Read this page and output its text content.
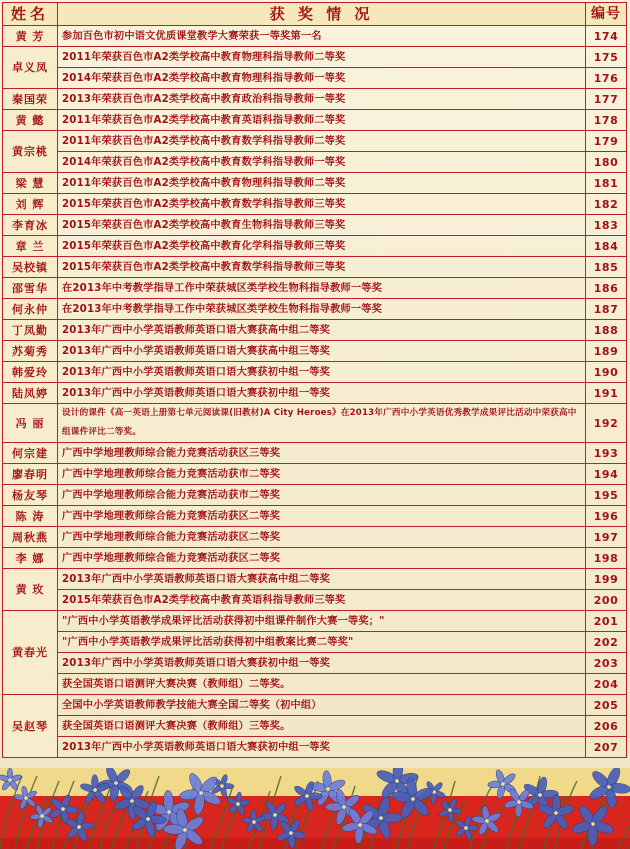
姓名	获 奖 情 况	编号
黄 芳	参加百色市初中语文优质课堂教学大赛荣获一等奖第一名	174
卓义凤	2011年荣获百色市A2类学校高中教育物理科指导教师二等奖	175
	2014年荣获百色市A2类学校高中教育物理科指导教师一等奖	176
秦国荣	2013年荣获百色市A2类学校高中教育政治科指导教师一等奖	177
黄 懿	2011年荣获百色市A2类学校高中教育英语科指导教师二等奖	178
黄宗桃	2011年荣获百色市A2类学校高中教育数学科指导教师二等奖	179
	2014年荣获百色市A2类学校高中教育数学科指导教师一等奖	180
梁 慧	2011年荣获百色市A2类学校高中教育物理科指导教师二等奖	181
刘 辉	2015年荣获百色市A2类学校高中教育数学科指导教师三等奖	182
李育冰	2015年荣获百色市A2类学校高中教育生物科指导教师三等奖	183
章 兰	2015年荣获百色市A2类学校高中教育化学科指导教师三等奖	184
吴校镇	2015年荣获百色市A2类学校高中教育数学科指导教师三等奖	185
邵雪华	在2013年中考教学指导工作中荣获城区类学校生物科指导教师一等奖	186
何永仲	在2013年中考教学指导工作中荣获城区类学校生物科指导教师一等奖	187
丁凤勤	2013年广西中小学英语教师英语口语大赛获高中组二等奖	188
苏菊秀	2013年广西中小学英语教师英语口语大赛获高中组三等奖	189
韩爱玲	2013年广西中小学英语教师英语口语大赛获初中组一等奖	190
陆凤婷	2013年广西中小学英语教师英语口语大赛获初中组一等奖	191
冯 丽	设计的课件《高一英语上册第七单元阅读课(旧教材)A City Heroes》在2013年广西中小学英语优秀教学成果评比活动中荣获高中组课件评比二等奖。	192
何宗建	广西中学地理教师综合能力竞赛活动获区三等奖	193
廖春明	广西中学地理教师综合能力竞赛活动获市二等奖	194
杨友琴	广西中学地理教师综合能力竞赛活动获市二等奖	195
陈 涛	广西中学地理教师综合能力竞赛活动获区二等奖	196
周秋燕	广西中学地理教师综合能力竞赛活动获区二等奖	197
李 娜	广西中学地理教师综合能力竞赛活动获区二等奖	198
黄 玫	2013年广西中小学英语教师英语口语大赛获高中组二等奖	199
	2015年荣获百色市A2类学校高中教育英语科指导教师三等奖	200
黄春光	"广西中小学英语教学成果评比活动获得初中组课件制作大赛一等奖；"	201
	"广西中小学英语教学成果评比活动获得初中组教案比赛二等奖"	202
	2013年广西中小学英语教师英语口语大赛获初中组一等奖	203
	获全国英语口语测评大赛决赛（教师组）二等奖。	204
吴赵琴	全国中小学英语教师教学技能大赛全国二等奖（初中组）	205
	获全国英语口语测评大赛决赛（教师组）三等奖。	206
	2013年广西中小学英语教师英语口语大赛获初中组一等奖	207
